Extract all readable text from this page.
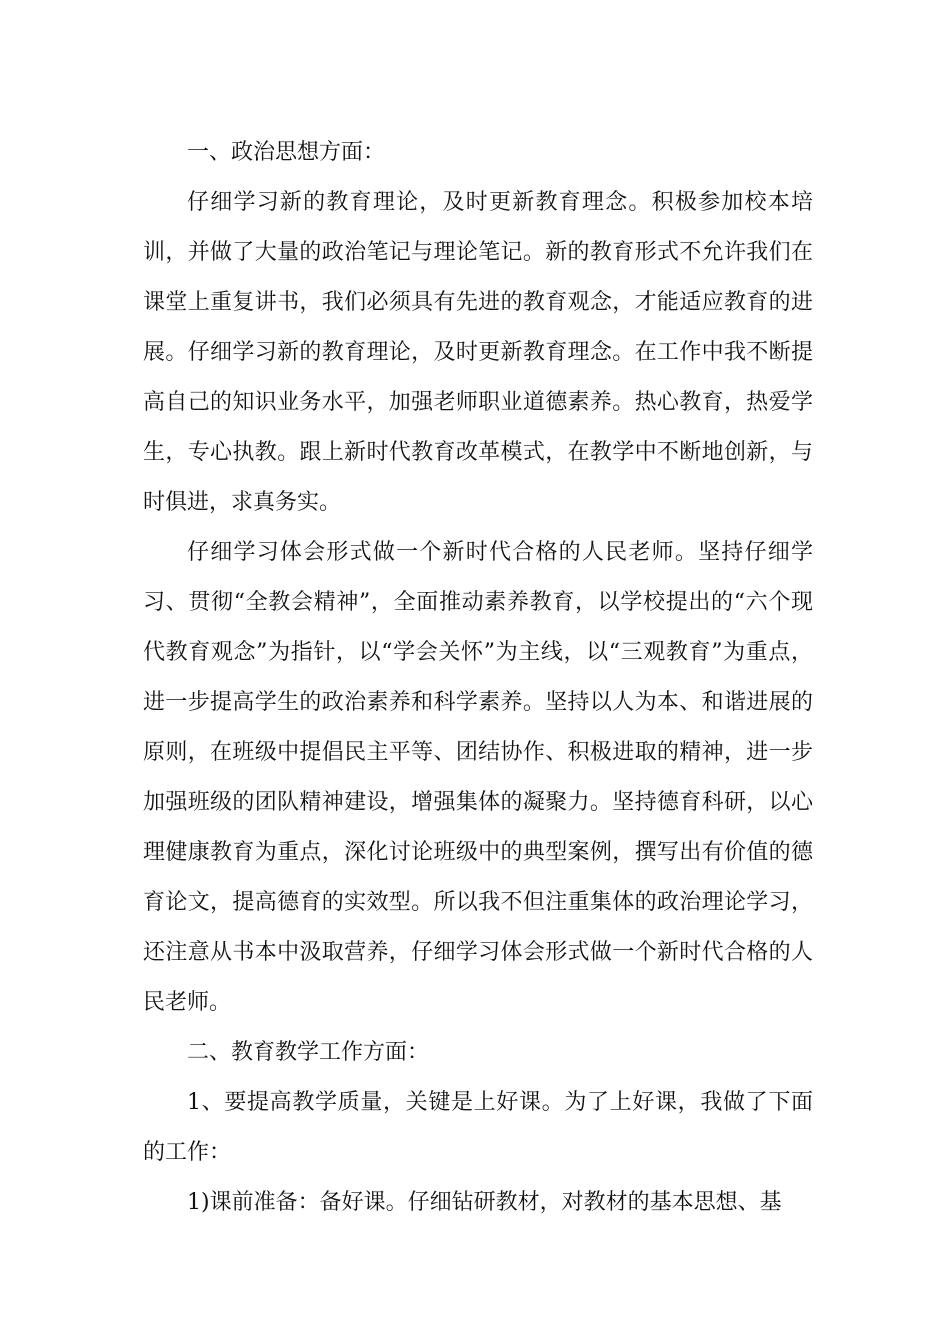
一、政治思想方面：

仔细学习新的教育理论，及时更新教育理念。积极参加校本培训，并做了大量的政治笔记与理论笔记。新的教育形式不允许我们在课堂上重复讲书，我们必须具有先进的教育观念，才能适应教育的进展。仔细学习新的教育理论，及时更新教育理念。在工作中我不断提高自己的知识业务水平，加强老师职业道德素养。热心教育，热爱学生，专心执教。跟上新时代教育改革模式，在教学中不断地创新，与时俱进，求真务实。

仔细学习体会形式做一个新时代合格的人民老师。坚持仔细学习、贯彻“全教会精神”，全面推动素养教育，以学校提出的“六个现代教育观念”为指针，以“学会关怀”为主线，以“三观教育”为重点，进一步提高学生的政治素养和科学素养。坚持以人为本、和谐进展的原则，在班级中提倡民主平等、团结协作、积极进取的精神，进一步加强班级的团队精神建设，增强集体的凝聚力。坚持德育科研，以心理健康教育为重点，深化讨论班级中的典型案例，撰写出有价值的德育论文，提高德育的实效型。所以我不但注重集体的政治理论学习，还注意从书本中汲取营养，仔细学习体会形式做一个新时代合格的人民老师。

二、教育教学工作方面：

1、要提高教学质量，关键是上好课。为了上好课，我做了下面的工作：

1)课前准备：备好课。仔细钻研教材，对教材的基本思想、基
